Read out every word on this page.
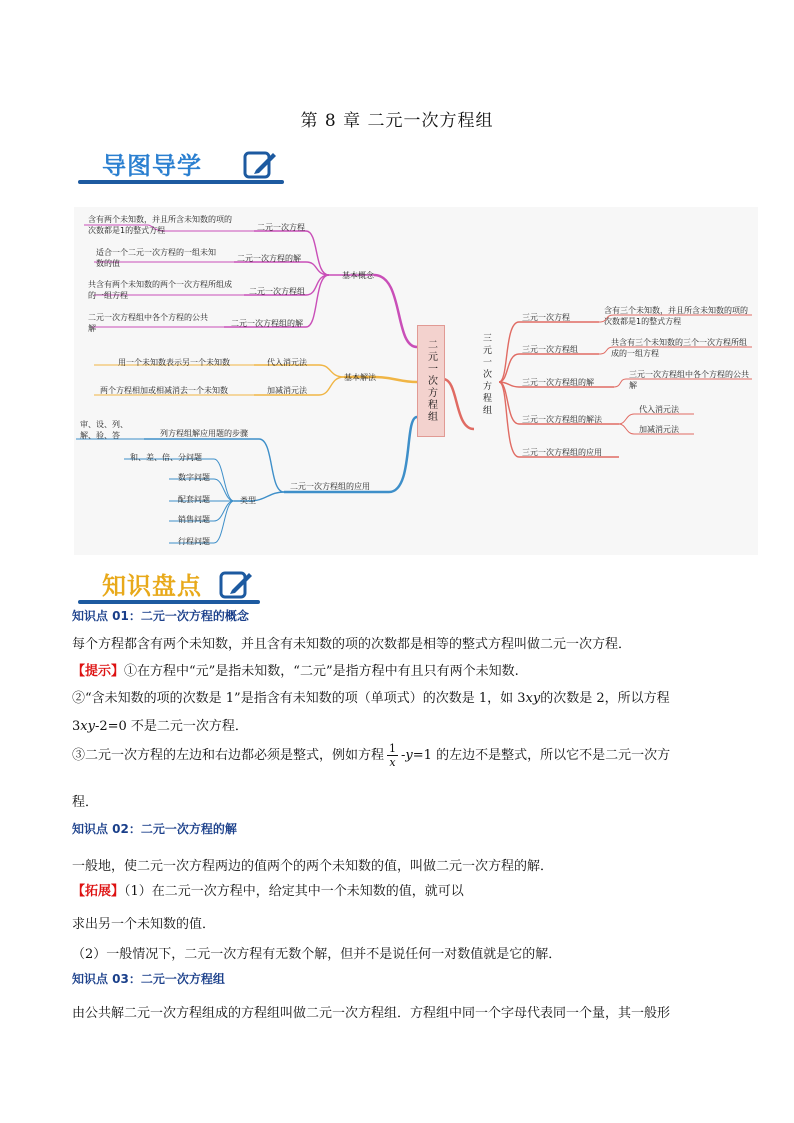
第 8 章 二元一次方程组
导图导学
二元一次方程组	三元一次方程组
基本概念
二元一次方程
二元一次方程的解
二元一次方程组
二元一次方程组的解
含有两个未知数，并且所含未知数的项的次数都是1的整式方程
适合一个二元一次方程的一组未知数的值
共含有两个未知数的两个一次方程所组成的一组方程
二元一次方程组中各个方程的公共解
基本解法
代入消元法
加减消元法
用一个未知数表示另一个未知数
两个方程相加或相减消去一个未知数
二元一次方程组的应用
列方程组解应用题的步骤
审、设、列、解、验、答
类型
和、差、倍、分问题
数字问题
配套问题
销售问题
行程问题
三元一次方程
三元一次方程组
三元一次方程组的解
三元一次方程组的解法
三元一次方程组的应用
含有三个未知数，并且所含未知数的项的次数都是1的整式方程
共含有三个未知数的三个一次方程所组成的一组方程
三元一次方程组中各个方程的公共解
代入消元法
加减消元法
知识盘点
知识点 01：二元一次方程的概念
每个方程都含有两个未知数，并且含有未知数的项的次数都是相等的整式方程叫做二元一次方程．
【提示】①在方程中“元”是指未知数，“二元”是指方程中有且只有两个未知数.
②“含未知数的项的次数是 1”是指含有未知数的项（单项式）的次数是 1，如 3xy的次数是 2，所以方程
3xy-2=0 不是二元一次方程．
③二元一次方程的左边和右边都必须是整式，例如方程 $\frac{1}{x} -y=1$ 的左边不是整式，所以它不是二元一次方
程．
知识点 02：二元一次方程的解
一般地，使二元一次方程两边的值两个的两个未知数的值，叫做二元一次方程的解．
【拓展】（1）在二元一次方程中，给定其中一个未知数的值，就可以
求出另一个未知数的值．
（2）一般情况下，二元一次方程有无数个解，但并不是说任何一对数值就是它的解．
知识点 03：二元一次方程组
由公共解二元一次方程组成的方程组叫做二元一次方程组．方程组中同一个字母代表同一个量，其一般形
